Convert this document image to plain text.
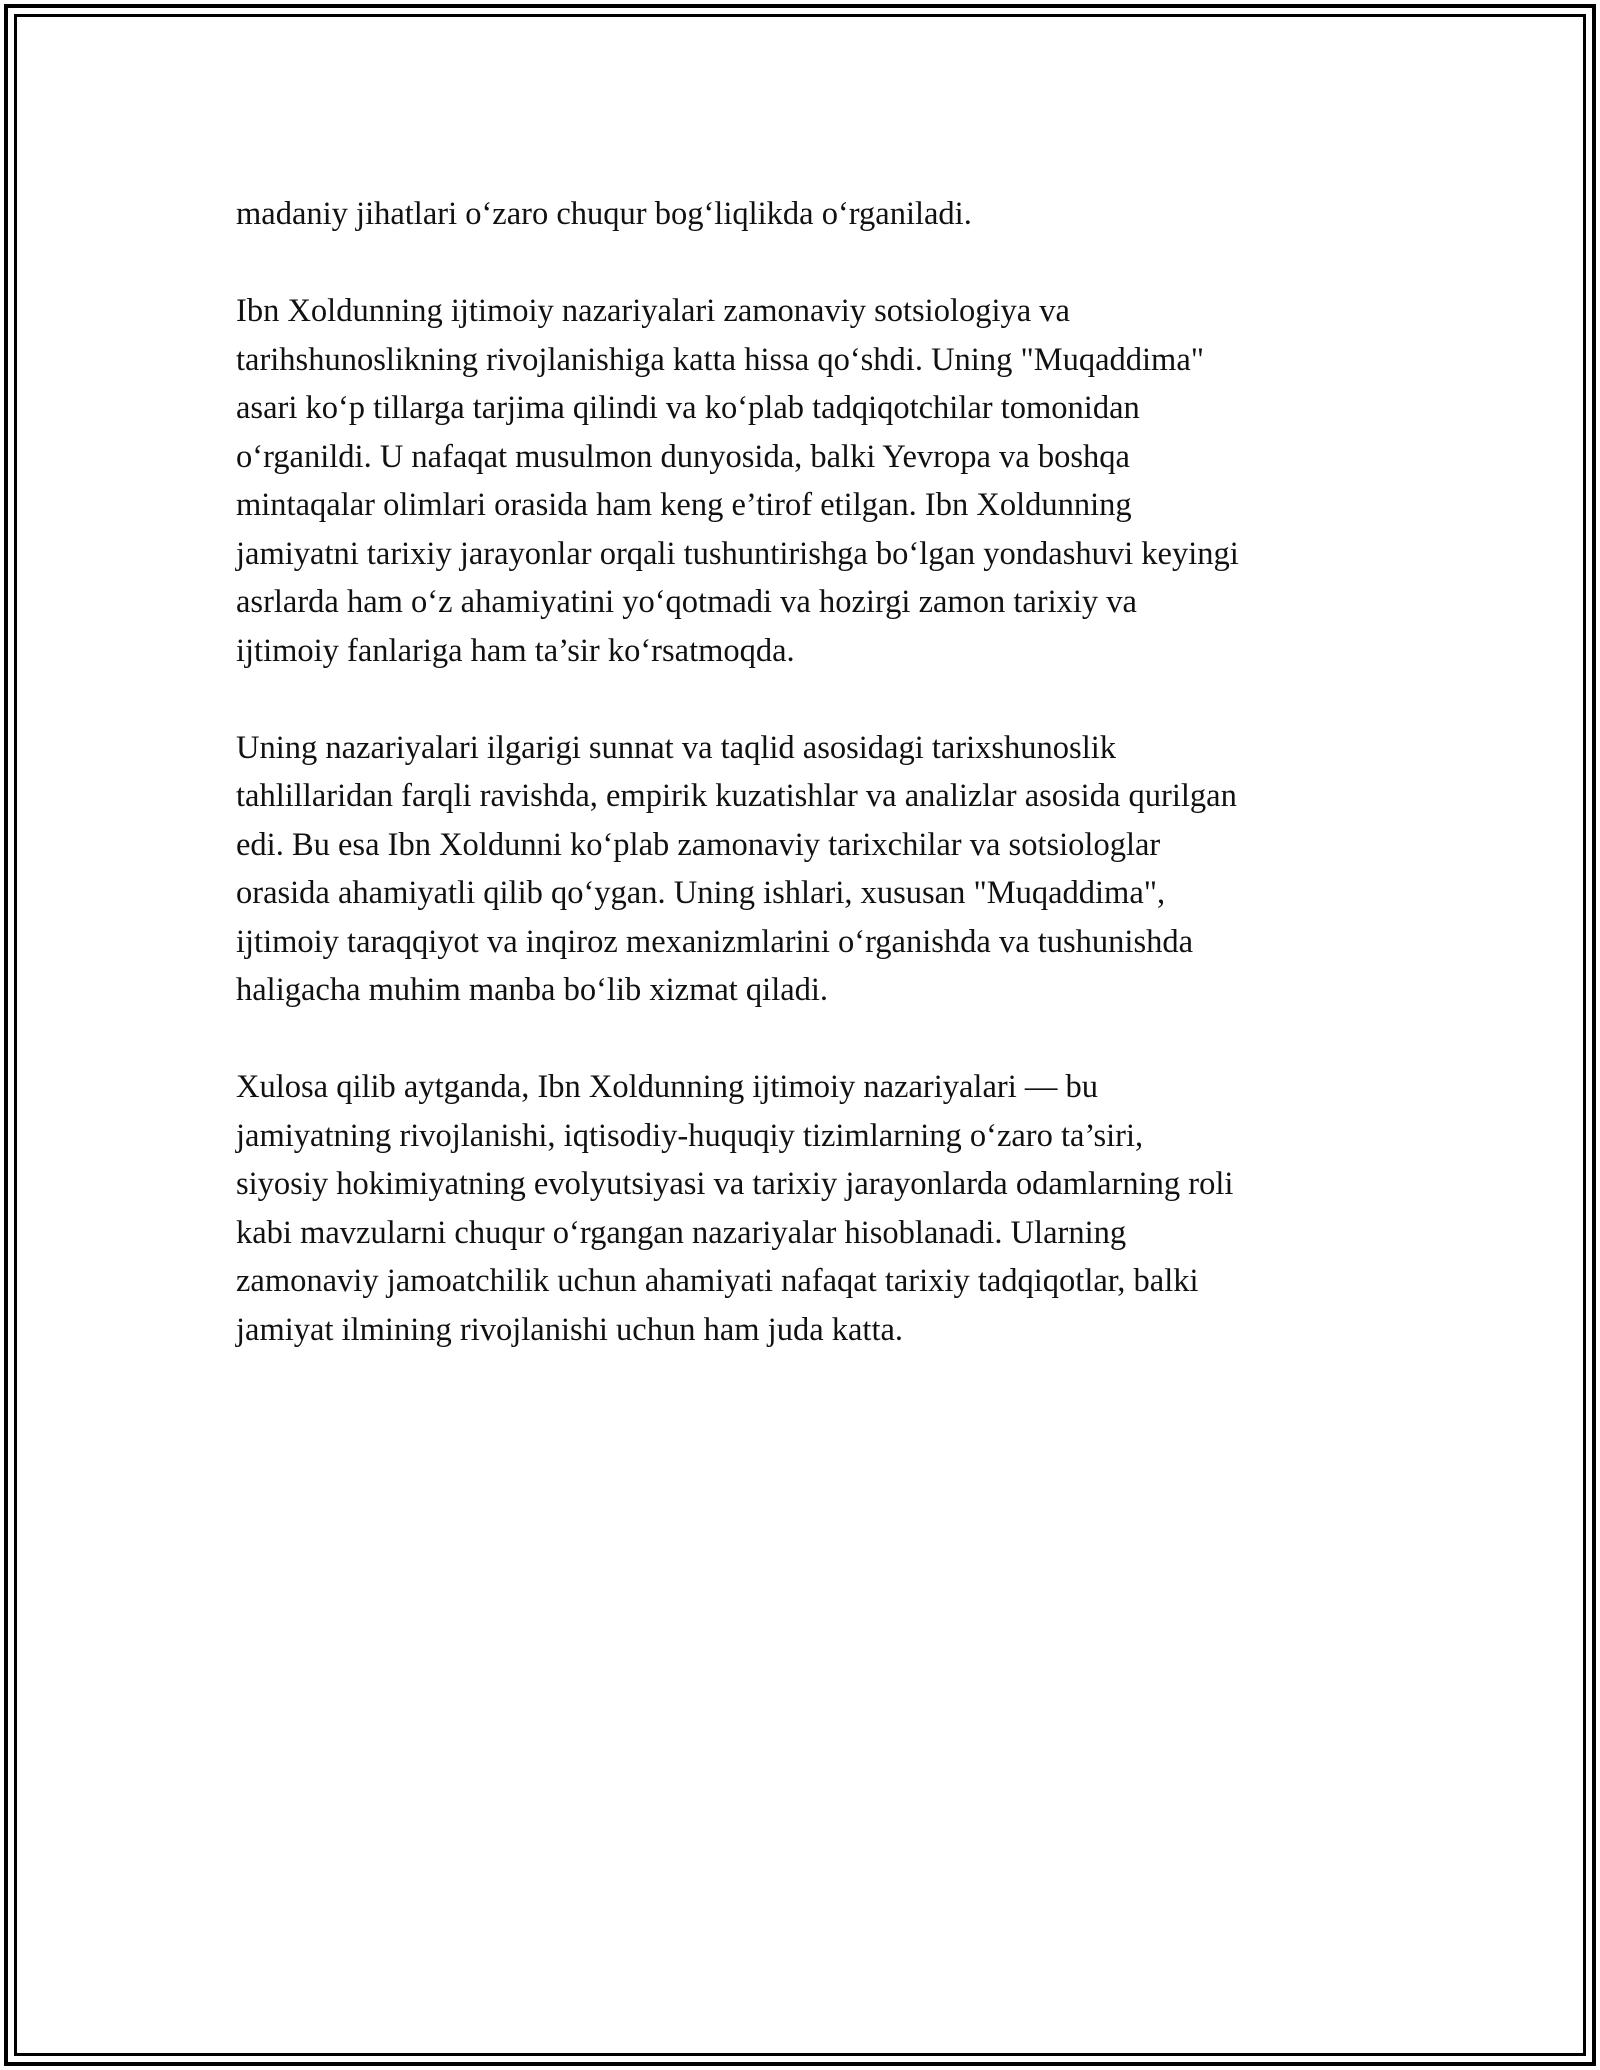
madaniy jihatlari o‘zaro chuqur bog‘liqlikda o‘rganiladi.
Ibn Xoldunning ijtimoiy nazariyalari zamonaviy sotsiologiya va
tarihshunoslikning rivojlanishiga katta hissa qo‘shdi. Uning "Muqaddima"
asari ko‘p tillarga tarjima qilindi va ko‘plab tadqiqotchilar tomonidan
o‘rganildi. U nafaqat musulmon dunyosida, balki Yevropa va boshqa
mintaqalar olimlari orasida ham keng e’tirof etilgan. Ibn Xoldunning
jamiyatni tarixiy jarayonlar orqali tushuntirishga bo‘lgan yondashuvi keyingi
asrlarda ham o‘z ahamiyatini yo‘qotmadi va hozirgi zamon tarixiy va
ijtimoiy fanlariga ham ta’sir ko‘rsatmoqda.
Uning nazariyalari ilgarigi sunnat va taqlid asosidagi tarixshunoslik
tahlillaridan farqli ravishda, empirik kuzatishlar va analizlar asosida qurilgan
edi. Bu esa Ibn Xoldunni ko‘plab zamonaviy tarixchilar va sotsiologlar
orasida ahamiyatli qilib qo‘ygan. Uning ishlari, xususan "Muqaddima",
ijtimoiy taraqqiyot va inqiroz mexanizmlarini o‘rganishda va tushunishda
haligacha muhim manba bo‘lib xizmat qiladi.
Xulosa qilib aytganda, Ibn Xoldunning ijtimoiy nazariyalari — bu
jamiyatning rivojlanishi, iqtisodiy-huquqiy tizimlarning o‘zaro ta’siri,
siyosiy hokimiyatning evolyutsiyasi va tarixiy jarayonlarda odamlarning roli
kabi mavzularni chuqur o‘rgangan nazariyalar hisoblanadi. Ularning
zamonaviy jamoatchilik uchun ahamiyati nafaqat tarixiy tadqiqotlar, balki
jamiyat ilmining rivojlanishi uchun ham juda katta.
